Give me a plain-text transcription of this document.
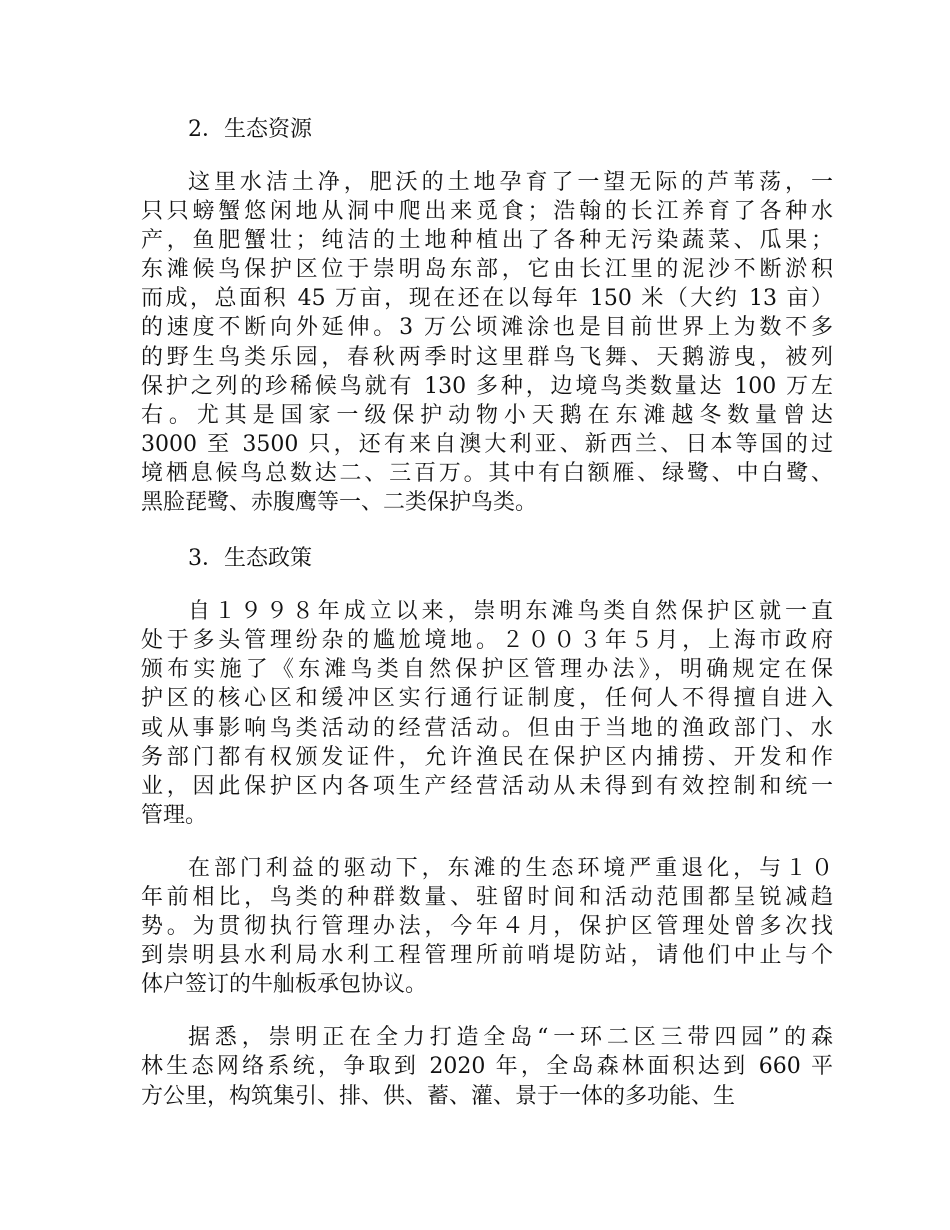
2．生态资源
这里水洁土净，肥沃的土地孕育了一望无际的芦苇荡，一
只只螃蟹悠闲地从洞中爬出来觅食；浩翰的长江养育了各种水
产，鱼肥蟹壮；纯洁的土地种植出了各种无污染蔬菜、瓜果；
东滩候鸟保护区位于崇明岛东部，它由长江里的泥沙不断淤积
而成，总面积 45 万亩，现在还在以每年 150 米（大约 13 亩）
的速度不断向外延伸。3 万公顷滩涂也是目前世界上为数不多
的野生鸟类乐园，春秋两季时这里群鸟飞舞、天鹅游曳，被列
保护之列的珍稀候鸟就有 130 多种，边境鸟类数量达 100 万左
右。尤其是国家一级保护动物小天鹅在东滩越冬数量曾达
3000 至 3500 只，还有来自澳大利亚、新西兰、日本等国的过
境栖息候鸟总数达二、三百万。其中有白额雁、绿鹭、中白鹭、
黑脸琵鹭、赤腹鹰等一、二类保护鸟类。
3．生态政策
自１９９８年成立以来，崇明东滩鸟类自然保护区就一直
处于多头管理纷杂的尴尬境地。２００３年５月，上海市政府
颁布实施了《东滩鸟类自然保护区管理办法》，明确规定在保
护区的核心区和缓冲区实行通行证制度，任何人不得擅自进入
或从事影响鸟类活动的经营活动。但由于当地的渔政部门、水
务部门都有权颁发证件，允许渔民在保护区内捕捞、开发和作
业，因此保护区内各项生产经营活动从未得到有效控制和统一
管理。
在部门利益的驱动下，东滩的生态环境严重退化，与１０
年前相比，鸟类的种群数量、驻留时间和活动范围都呈锐减趋
势。为贯彻执行管理办法，今年４月，保护区管理处曾多次找
到崇明县水利局水利工程管理所前哨堤防站，请他们中止与个
体户签订的牛舢板承包协议。
据悉，崇明正在全力打造全岛“一环二区三带四园”的森
林生态网络系统，争取到 2020 年，全岛森林面积达到 660 平
方公里，构筑集引、排、供、蓄、灌、景于一体的多功能、生
